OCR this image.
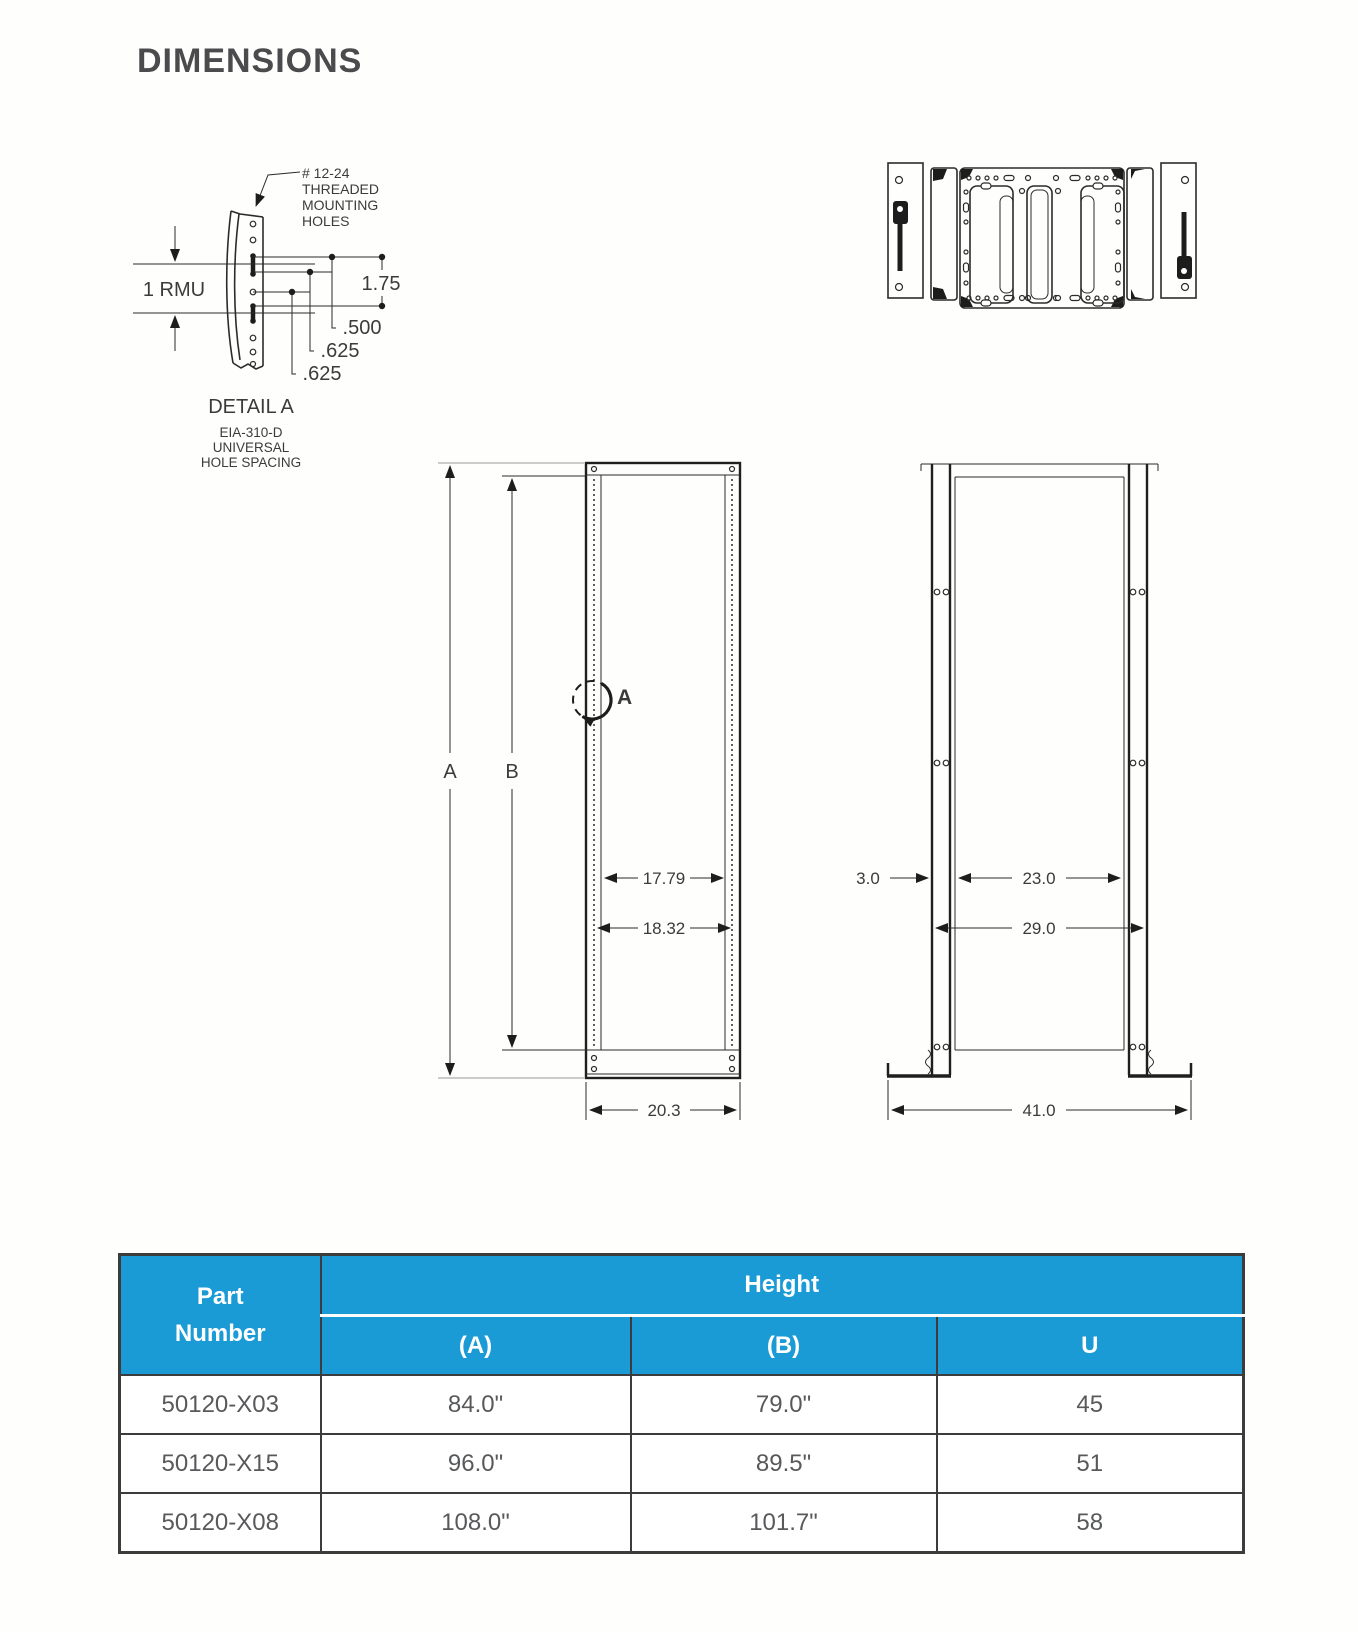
DIMENSIONS
# 12-24
THREADED
MOUNTING
HOLES
1 RMU	1.75
.500
.625
.625
DETAIL A
EIA-310-D
UNIVERSAL
HOLE SPACING
A
A B
17.79
18.32
20.3
3.0	23.0
29.0
41.0
Part Number	Height		
	(A)	(B)	U
50120-X03	84.0"	79.0"	45
50120-X15	96.0"	89.5"	51
50120-X08	108.0"	101.7"	58
